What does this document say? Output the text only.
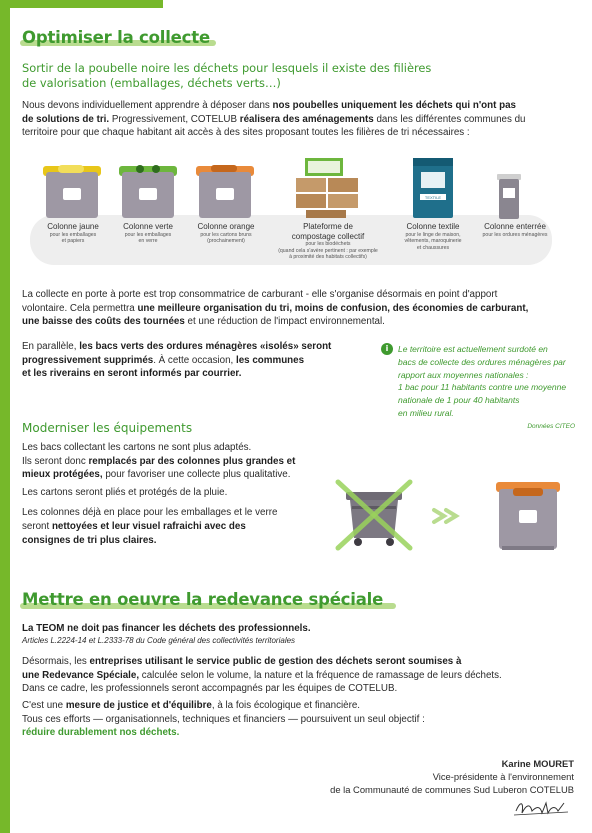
Optimiser la collecte
Sortir de la poubelle noire les déchets pour lesquels il existe des filières
de valorisation (emballages, déchets verts…)
Nous devons individuellement apprendre à déposer dans nos poubelles uniquement les déchets qui n'ont pas
de solutions de tri. Progressivement, COTELUB réalisera des aménagements dans les différentes communes du
territoire pour que chaque habitant ait accès à des sites proposant toutes les filières de tri nécessaires :
TEXTILE
Colonne jaune
pour les emballages
et papiers
Colonne verte
pour les emballages
en verre
Colonne orange
pour les cartons bruns
(prochainement)
Plateforme de
compostage collectif
pour les biodéchets
(quand cela s'avère pertinent : par exemple
à proximité des habitats collectifs)
Colonne textile
pour le linge de maison,
vêtements, maroquinerie
et chaussures
Colonne enterrée
pour les ordures ménagères
La collecte en porte à porte est trop consommatrice de carburant - elle s'organise désormais en point d'apport
volontaire. Cela permettra une meilleure organisation du tri, moins de confusion, des économies de carburant,
une baisse des coûts des tournées et une réduction de l'impact environnemental.
En parallèle, les bacs verts des ordures ménagères «isolés» seront
progressivement supprimés. À cette occasion, les communes
et les riverains en seront informés par courrier.
i	Le territoire est actuellement surdoté en
bacs de collecte des ordures ménagères par
rapport aux moyennes nationales :
1 bac pour 11 habitants contre une moyenne
nationale de 1 pour 40 habitants
en milieu rural.
Données CITEO
Moderniser les équipements
Les bacs collectant les cartons ne sont plus adaptés.
Ils seront donc remplacés par des colonnes plus grandes et
mieux protégées, pour favoriser une collecte plus qualitative.
Les cartons seront pliés et protégés de la pluie.
Les colonnes déjà en place pour les emballages et le verre
seront nettoyées et leur visuel rafraichi avec des
consignes de tri plus claires.
Mettre en oeuvre la redevance spéciale
La TEOM ne doit pas financer les déchets des professionnels.
Articles L.2224-14 et L.2333-78 du Code général des collectivités territoriales
Désormais, les entreprises utilisant le service public de gestion des déchets seront soumises à
une Redevance Spéciale, calculée selon le volume, la nature et la fréquence de ramassage de leurs déchets.
Dans ce cadre, les professionnels seront accompagnés par les équipes de COTELUB.
C'est une mesure de justice et d'équilibre, à la fois écologique et financière.
Tous ces efforts — organisationnels, techniques et financiers — poursuivent un seul objectif :
réduire durablement nos déchets.
Karine MOURET
Vice-présidente à l'environnement
de la Communauté de communes Sud Luberon COTELUB
